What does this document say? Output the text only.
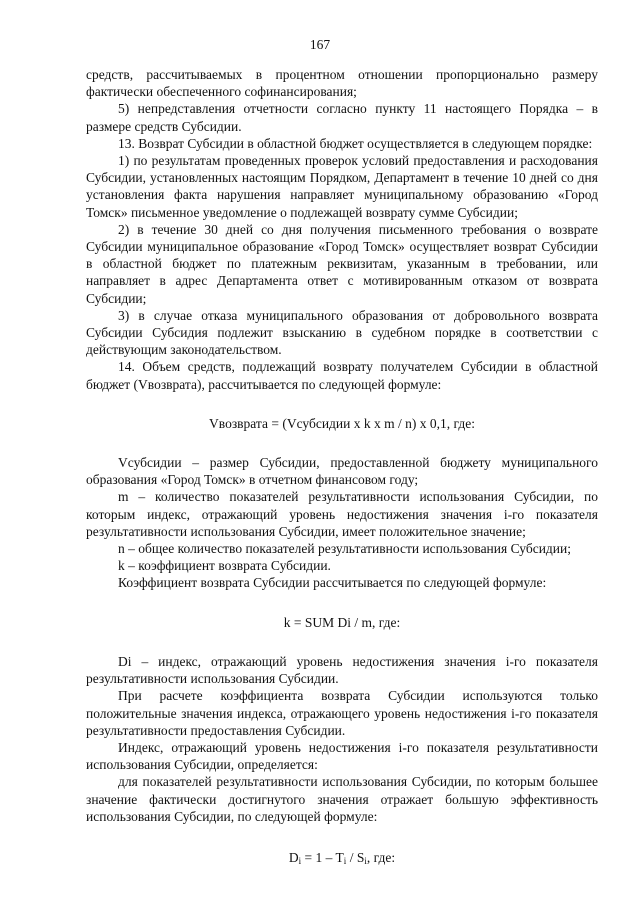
167

средств, рассчитываемых в процентном отношении пропорционально размеру фактически обеспеченного софинансирования;

5) непредставления отчетности согласно пункту 11 настоящего Порядка – в размере средств Субсидии.

13. Возврат Субсидии в областной бюджет осуществляется в следующем порядке:

1) по результатам проведенных проверок условий предоставления и расходования Субсидии, установленных настоящим Порядком, Департамент в течение 10 дней со дня установления факта нарушения направляет муниципальному образованию «Город Томск» письменное уведомление о подлежащей возврату сумме Субсидии;

2) в течение 30 дней со дня получения письменного требования о возврате Субсидии муниципальное образование «Город Томск» осуществляет возврат Субсидии в областной бюджет по платежным реквизитам, указанным в требовании, или направляет в адрес Департамента ответ с мотивированным отказом от возврата Субсидии;

3) в случае отказа муниципального образования от добровольного возврата Субсидии Субсидия подлежит взысканию в судебном порядке в соответствии с действующим законодательством.

14. Объем средств, подлежащий возврату получателем Субсидии в областной бюджет (Vвозврата), рассчитывается по следующей формуле:

Vвозврата = (Vсубсидии x k x m / n) x 0,1, где:

Vсубсидии – размер Субсидии, предоставленной бюджету муниципального образования «Город Томск» в отчетном финансовом году;

m – количество показателей результативности использования Субсидии, по которым индекс, отражающий уровень недостижения значения i-го показателя результативности использования Субсидии, имеет положительное значение;

n – общее количество показателей результативности использования Субсидии;

k – коэффициент возврата Субсидии.

Коэффициент возврата Субсидии рассчитывается по следующей формуле:

k = SUM Di / m, где:

Di – индекс, отражающий уровень недостижения значения i-го показателя результативности использования Субсидии.

При расчете коэффициента возврата Субсидии используются только положительные значения индекса, отражающего уровень недостижения i-го показателя результативности предоставления Субсидии.

Индекс, отражающий уровень недостижения i-го показателя результативности использования Субсидии, определяется:

для показателей результативности использования Субсидии, по которым большее значение фактически достигнутого значения отражает большую эффективность использования Субсидии, по следующей формуле:

$D_i = 1 - T_i / S_i$, где:
